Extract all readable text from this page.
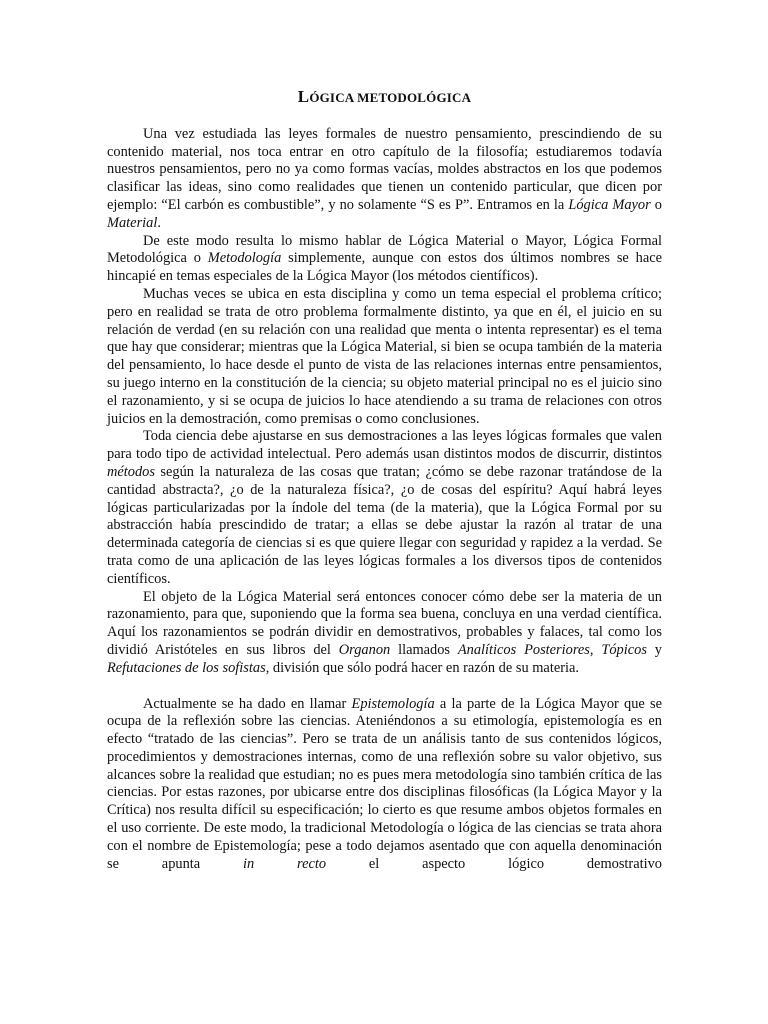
LÓGICA METODOLÓGICA

Una vez estudiada las leyes formales de nuestro pensamiento, prescindiendo de su contenido material, nos toca entrar en otro capítulo de la filosofía; estudiaremos todavía nuestros pensamientos, pero no ya como formas vacías, moldes abstractos en los que podemos clasificar las ideas, sino como realidades que tienen un contenido particular, que dicen por ejemplo: “El carbón es combustible”, y no solamente “S es P”. Entramos en la Lógica Mayor o Material.

De este modo resulta lo mismo hablar de Lógica Material o Mayor, Lógica Formal Metodológica o Metodología simplemente, aunque con estos dos últimos nombres se hace hincapié en temas especiales de la Lógica Mayor (los métodos científicos).

Muchas veces se ubica en esta disciplina y como un tema especial el problema crítico; pero en realidad se trata de otro problema formalmente distinto, ya que en él, el juicio en su relación de verdad (en su relación con una realidad que menta o intenta representar) es el tema que hay que considerar; mientras que la Lógica Material, si bien se ocupa también de la materia del pensamiento, lo hace desde el punto de vista de las relaciones internas entre pensamientos, su juego interno en la constitución de la ciencia; su objeto material principal no es el juicio sino el razonamiento, y si se ocupa de juicios lo hace atendiendo a su trama de relaciones con otros juicios en la demostración, como premisas o como conclusiones.

Toda ciencia debe ajustarse en sus demostraciones a las leyes lógicas formales que valen para todo tipo de actividad intelectual. Pero además usan distintos modos de discurrir, distintos métodos según la naturaleza de las cosas que tratan; ¿cómo se debe razonar tratándose de la cantidad abstracta?, ¿o de la naturaleza física?, ¿o de cosas del espíritu? Aquí habrá leyes lógicas particularizadas por la índole del tema (de la materia), que la Lógica Formal por su abstracción había prescindido de tratar; a ellas se debe ajustar la razón al tratar de una determinada categoría de ciencias si es que quiere llegar con seguridad y rapidez a la verdad. Se trata como de una aplicación de las leyes lógicas formales a los diversos tipos de contenidos científicos.

El objeto de la Lógica Material será entonces conocer cómo debe ser la materia de un razonamiento, para que, suponiendo que la forma sea buena, concluya en una verdad científica. Aquí los razonamientos se podrán dividir en demostrativos, probables y falaces, tal como los dividió Aristóteles en sus libros del Organon llamados Analíticos Posteriores, Tópicos y Refutaciones de los sofistas, división que sólo podrá hacer en razón de su materia.

Actualmente se ha dado en llamar Epistemología a la parte de la Lógica Mayor que se ocupa de la reflexión sobre las ciencias. Ateniéndonos a su etimología, epistemología es en efecto “tratado de las ciencias”. Pero se trata de un análisis tanto de sus contenidos lógicos, procedimientos y demostraciones internas, como de una reflexión sobre su valor objetivo, sus alcances sobre la realidad que estudian; no es pues mera metodología sino también crítica de las ciencias. Por estas razones, por ubicarse entre dos disciplinas filosóficas (la Lógica Mayor y la Crítica) nos resulta difícil su especificación; lo cierto es que resume ambos objetos formales en el uso corriente. De este modo, la tradicional Metodología o lógica de las ciencias se trata ahora con el nombre de Epistemología; pese a todo dejamos asentado que con aquella denominación se apunta in recto el aspecto lógico demostrativo
